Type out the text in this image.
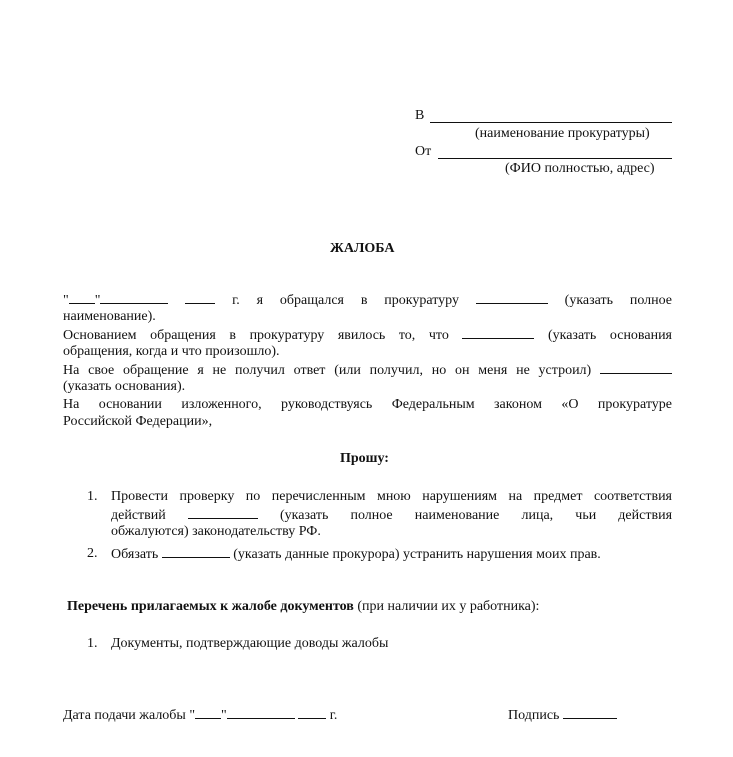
В
(наименование прокуратуры)
От
(ФИО полностью, адрес)
ЖАЛОБА
" "	г. я обращался в прокуратуру	(указать полное
наименование).
Основанием обращения в прокуратуру явилось то, что	(указать основания
обращения, когда и что произошло).
На свое обращение я не получил ответ (или получил, но он меня не устроил)
(указать основания).
На основании изложенного, руководствуясь Федеральным законом «О прокуратуре
Российской Федерации»,
Прошу:
1. Провести проверку по перечисленным мною нарушениям на предмет соответствия
действий	(указать полное наименование лица, чьи действия
обжалуются) законодательству РФ.
2. Обязать	(указать данные прокурора) устранить нарушения моих прав.
Перечень прилагаемых к жалобе документов (при наличии их у работника):
1. Документы, подтверждающие доводы жалобы
Дата подачи жалобы " "	г.	Подпись
